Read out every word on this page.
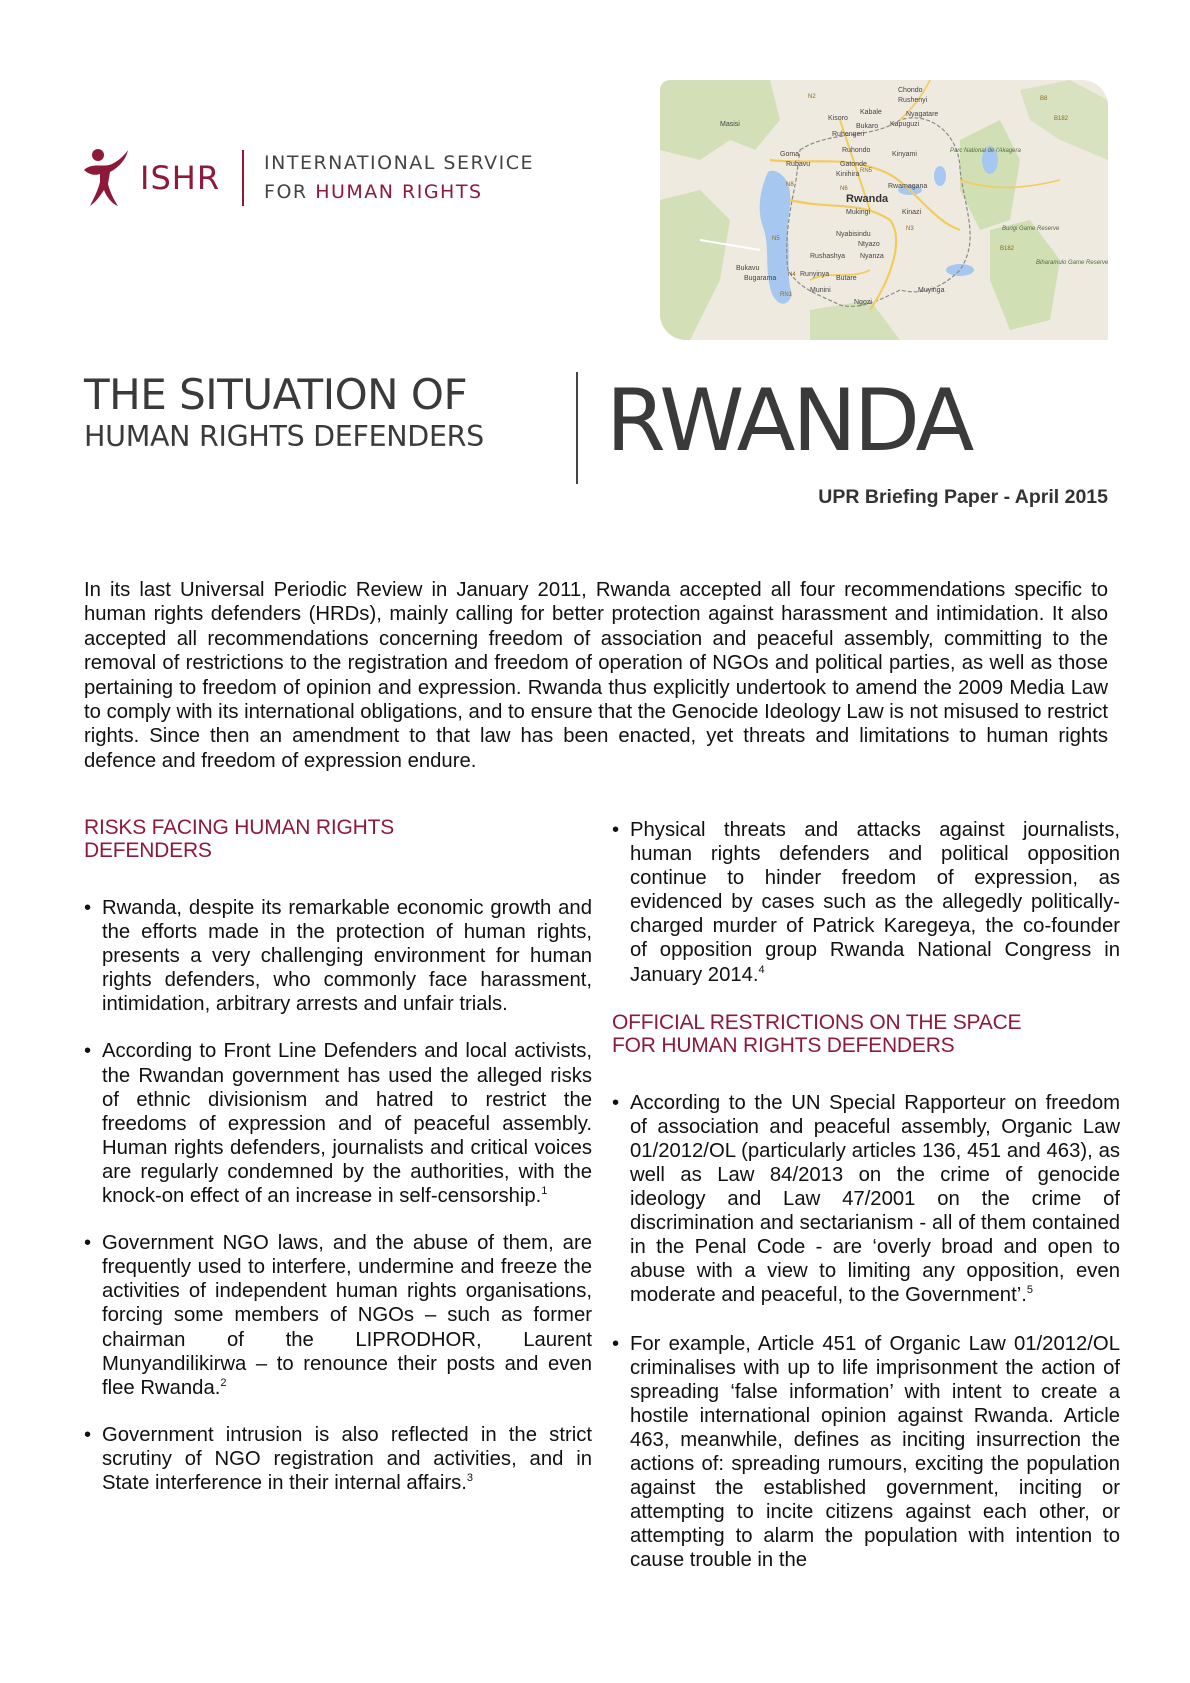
ISHR INTERNATIONAL SERVICE
FOR HUMAN RIGHTS
Chondo
Rushenyi
Kisoro
Kabale	Nyagatare
Kapuguzi
Masisi	Bukaro
Ruhengeri
Goma
Rubavu
Ruhondo
Kinyami
Gatonde
Kinihira
Parc National de l'Akagera
Rwamagana
Rwanda
Mukingi	Kinazi
Nyabisindu
Ntyazo
Rushashya Nyanza
Bukavu
Bugarama
Runyinya
Butare
Munini
Ngozi
Muyinga
Burigi Game Reserve
Biharamulo Game Reserve
B8
B182
B182
N2
N3
N4
N5
N6
N8
RN5
RN1
THE SITUATION OF
HUMAN RIGHTS DEFENDERS	RWANDA
UPR Briefing Paper - April 2015

In its last Universal Periodic Review in January 2011, Rwanda accepted all four recommendations specific to human rights defenders (HRDs), mainly calling for better protection against harassment and intimidation. It also accepted all recommendations concerning freedom of association and peaceful assembly, committing to the removal of restrictions to the registration and freedom of operation of NGOs and political parties, as well as those pertaining to freedom of opinion and expression. Rwanda thus explicitly undertook to amend the 2009 Media Law to comply with its international obligations, and to ensure that the Genocide Ideology Law is not misused to restrict rights. Since then an amendment to that law has been enacted, yet threats and limitations to human rights defence and freedom of expression endure.

RISKS FACING HUMAN RIGHTS
DEFENDERS

• Rwanda, despite its remarkable economic growth and the efforts made in the protection of human rights, presents a very challenging environment for human rights defenders, who commonly face harassment, intimidation, arbitrary arrests and unfair trials.

• According to Front Line Defenders and local activists, the Rwandan government has used the alleged risks of ethnic divisionism and hatred to restrict the freedoms of expression and of peaceful assembly. Human rights defenders, journalists and critical voices are regularly condemned by the authorities, with the knock-on effect of an increase in self-censorship.$^1$

• Government NGO laws, and the abuse of them, are frequently used to interfere, undermine and freeze the activities of independent human rights organisations, forcing some members of NGOs – such as former chairman of the LIPRODHOR, Laurent Munyandilikirwa – to renounce their posts and even flee Rwanda.$^2$

• Government intrusion is also reflected in the strict scrutiny of NGO registration and activities, and in State interference in their internal affairs.$^3$

• Physical threats and attacks against journalists, human rights defenders and political opposition continue to hinder freedom of expression, as evidenced by cases such as the allegedly politically-charged murder of Patrick Karegeya, the co-founder of opposition group Rwanda National Congress in January 2014.$^4$

OFFICIAL RESTRICTIONS ON THE SPACE
FOR HUMAN RIGHTS DEFENDERS

• According to the UN Special Rapporteur on freedom of association and peaceful assembly, Organic Law 01/2012/OL (particularly articles 136, 451 and 463), as well as Law 84/2013 on the crime of genocide ideology and Law 47/2001 on the crime of discrimination and sectarianism - all of them contained in the Penal Code - are ‘overly broad and open to abuse with a view to limiting any opposition, even moderate and peaceful, to the Government’.$^5$

• For example, Article 451 of Organic Law 01/2012/OL criminalises with up to life imprisonment the action of spreading ‘false information’ with intent to create a hostile international opinion against Rwanda. Article 463, meanwhile, defines as inciting insurrection the actions of: spreading rumours, exciting the population against the established government, inciting or attempting to incite citizens against each other, or attempting to alarm the population with intention to cause trouble in the
